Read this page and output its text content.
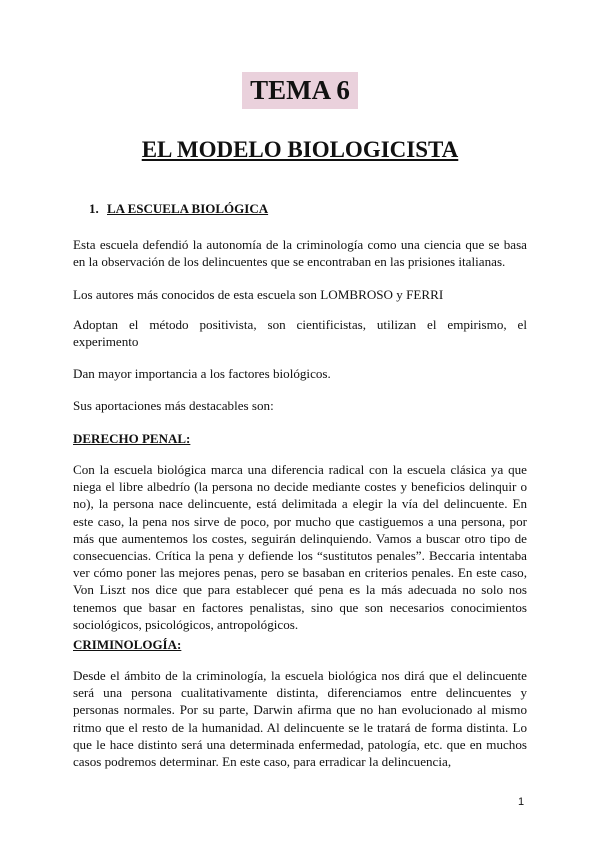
TEMA 6
EL MODELO BIOLOGICISTA
1. LA ESCUELA BIOLÓGICA

Esta escuela defendió la autonomía de la criminología como una ciencia que se basa en la observación de los delincuentes que se encontraban en las prisiones italianas.

Los autores más conocidos de esta escuela son LOMBROSO y FERRI

Adoptan el método positivista, son cientificistas, utilizan el empirismo, el experimento

Dan mayor importancia a los factores biológicos.

Sus aportaciones más destacables son:

DERECHO PENAL:

Con la escuela biológica marca una diferencia radical con la escuela clásica ya que niega el libre albedrío (la persona no decide mediante costes y beneficios delinquir o no), la persona nace delincuente, está delimitada a elegir la vía del delincuente. En este caso, la pena nos sirve de poco, por mucho que castiguemos a una persona, por más que aumentemos los costes, seguirán delinquiendo. Vamos a buscar otro tipo de consecuencias. Crítica la pena y defiende los “sustitutos penales”. Beccaria intentaba ver cómo poner las mejores penas, pero se basaban en criterios penales. En este caso, Von Liszt nos dice que para establecer qué pena es la más adecuada no solo nos tenemos que basar en factores penalistas, sino que son necesarios conocimientos sociológicos, psicológicos, antropológicos.

CRIMINOLOGÍA:

Desde el ámbito de la criminología, la escuela biológica nos dirá que el delincuente será una persona cualitativamente distinta, diferenciamos entre delincuentes y personas normales. Por su parte, Darwin afirma que no han evolucionado al mismo ritmo que el resto de la humanidad. Al delincuente se le tratará de forma distinta. Lo que le hace distinto será una determinada enfermedad, patología, etc. que en muchos casos podremos determinar. En este caso, para erradicar la delincuencia,

1
